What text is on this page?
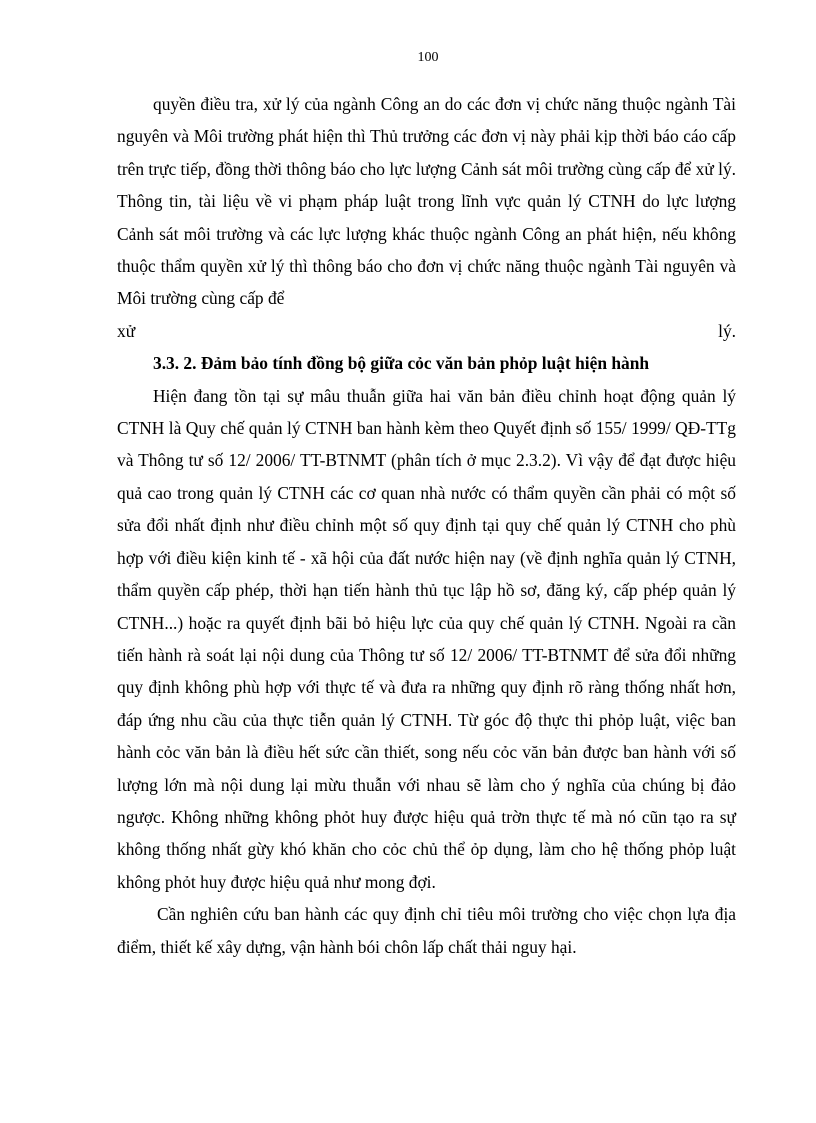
100

quyền điều tra, xử lý của ngành Công an do các đơn vị chức năng thuộc ngành Tài nguyên và Môi trường phát hiện thì Thủ trưởng các đơn vị này phải kịp thời báo cáo cấp trên trực tiếp, đồng thời thông báo cho lực lượng Cảnh sát môi trường cùng cấp để xử lý. Thông tin, tài liệu về vi phạm pháp luật trong lĩnh vực quản lý CTNH do lực lượng Cảnh sát môi trường và các lực lượng khác thuộc ngành Công an phát hiện, nếu không thuộc thẩm quyền xử lý thì thông báo cho đơn vị chức năng thuộc ngành Tài nguyên và Môi trường cùng cấp để

xử	lý.

3.3. 2. Đảm bảo tính đồng bộ giữa cỏc văn bản phỏp luật hiện hành

Hiện đang tồn tại sự mâu thuẫn giữa hai văn bản điều chỉnh hoạt động quản lý CTNH là Quy chế quản lý CTNH ban hành kèm theo Quyết định số 155/ 1999/ QĐ-TTg và Thông tư số 12/ 2006/ TT-BTNMT (phân tích ở mục 2.3.2). Vì vậy để đạt được hiệu quả cao trong quản lý CTNH các cơ quan nhà nước có thẩm quyền cần phải có một số sửa đổi nhất định như điều chỉnh một số quy định tại quy chế quản lý CTNH cho phù hợp với điều kiện kinh tế - xã hội của đất nước hiện nay (về định nghĩa quản lý CTNH, thẩm quyền cấp phép, thời hạn tiến hành thủ tục lập hồ sơ, đăng ký, cấp phép quản lý CTNH...) hoặc ra quyết định bãi bỏ hiệu lực của quy chế quản lý CTNH. Ngoài ra cần tiến hành rà soát lại nội dung của Thông tư số 12/ 2006/ TT-BTNMT để sửa đổi những quy định không phù hợp với thực tế và đưa ra những quy định rõ ràng thống nhất hơn, đáp ứng nhu cầu của thực tiễn quản lý CTNH. Từ góc độ thực thi phỏp luật, việc ban hành cỏc văn bản là điều hết sức cần thiết, song nếu cỏc văn bản được ban hành với số lượng lớn mà nội dung lại mừu thuẫn với nhau sẽ làm cho ý nghĩa của chúng bị đảo ngược. Không những không phỏt huy được hiệu quả trờn thực tế mà nó cũn tạo ra sự không thống nhất gừy khó khăn cho cỏc chủ thể ỏp dụng, làm cho hệ thống phỏp luật không phỏt huy được hiệu quả như mong đợi.

Cần nghiên cứu ban hành các quy định chỉ tiêu môi trường cho việc chọn lựa địa điểm, thiết kế xây dựng, vận hành bói chôn lấp chất thải nguy hại.
